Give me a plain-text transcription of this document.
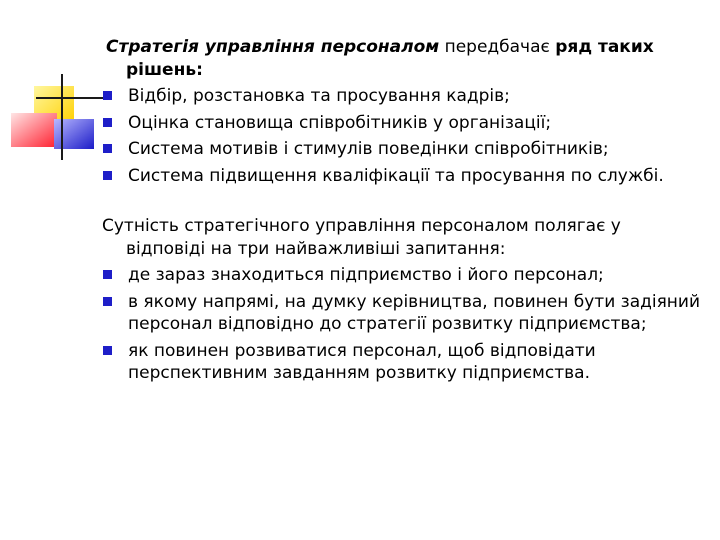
Стратегія управління персоналом передбачає ряд таких рішень:

Відбір, розстановка та просування кадрів;
Оцінка становища співробітників у організації;
Система мотивів і стимулів поведінки співробітників;
Система підвищення кваліфікації та просування по службі.

Сутність стратегічного управління персоналом полягає у відповіді на три найважливіші запитання:

де зараз знаходиться підприємство і його персонал;
в якому напрямі, на думку керівництва, повинен бути задіяний персонал відповідно до стратегії розвитку підприємства;
як повинен розвиватися персонал, щоб відповідати перспективним завданням розвитку підприємства.
